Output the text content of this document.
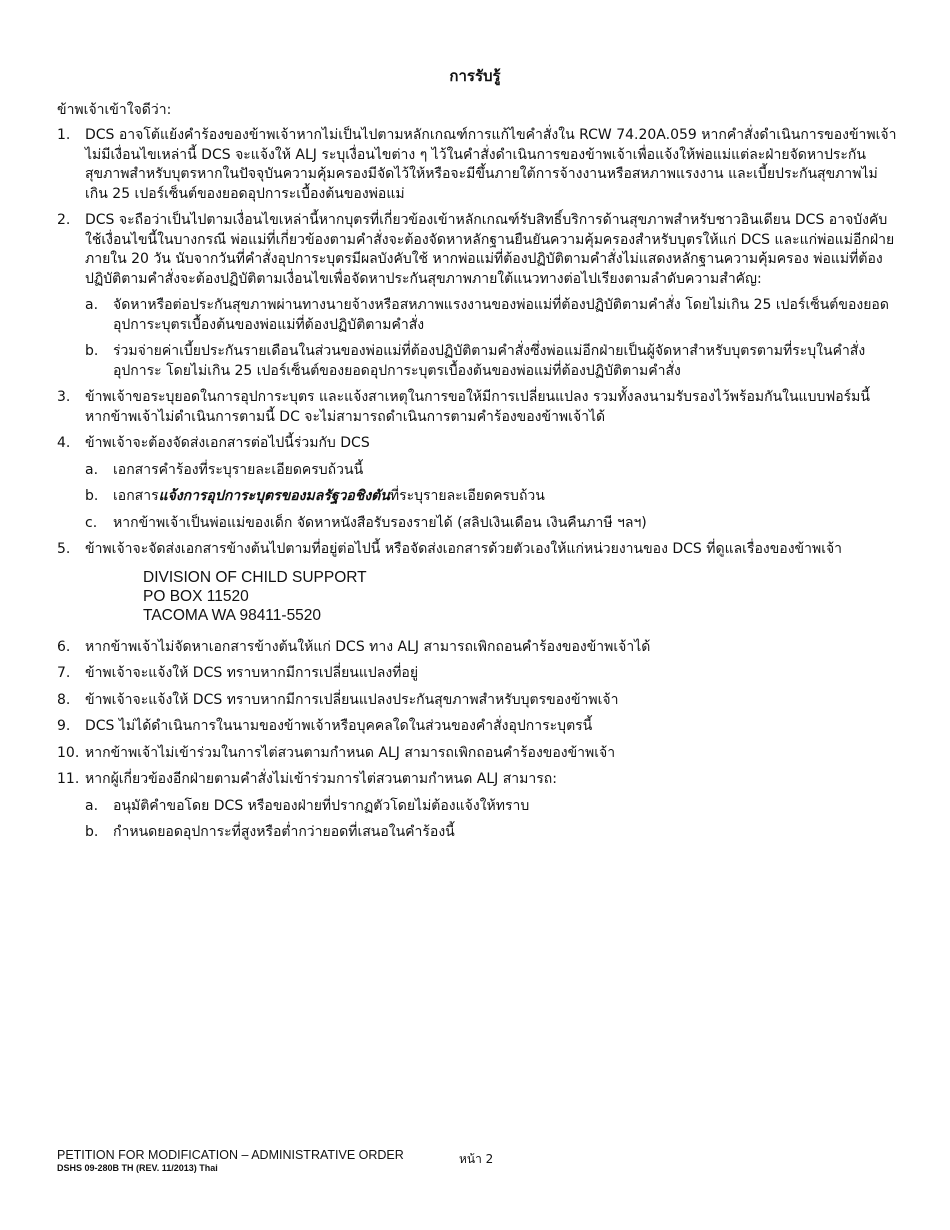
การรับรู้
ข้าพเจ้าเข้าใจดีว่า:
1.	DCS อาจโต้แย้งคำร้องของข้าพเจ้าหากไม่เป็นไปตามหลักเกณฑ์การแก้ไขคำสั่งใน RCW 74.20A.059 หากคำสั่งดำเนินการของข้าพเจ้าไม่มีเงื่อนไขเหล่านี้ DCS จะแจ้งให้ ALJ ระบุเงื่อนไขต่าง ๆ ไว้ในคำสั่งดำเนินการของข้าพเจ้าเพื่อแจ้งให้พ่อแม่แต่ละฝ่ายจัดหาประกันสุขภาพสำหรับบุตรหากในปัจจุบันความคุ้มครองมีจัดไว้ให้หรือจะมีขึ้นภายใต้การจ้างงานหรือสหภาพแรงงาน และเบี้ยประกันสุขภาพไม่เกิน 25 เปอร์เซ็นต์ของยอดอุปการะเบื้องต้นของพ่อแม่
2.	DCS จะถือว่าเป็นไปตามเงื่อนไขเหล่านี้หากบุตรที่เกี่ยวข้องเข้าหลักเกณฑ์รับสิทธิ์บริการด้านสุขภาพสำหรับชาวอินเดียน DCS อาจบังคับใช้เงื่อนไขนี้ในบางกรณี พ่อแม่ที่เกี่ยวข้องตามคำสั่งจะต้องจัดหาหลักฐานยืนยันความคุ้มครองสำหรับบุตรให้แก่ DCS และแก่พ่อแม่อีกฝ่ายภายใน 20 วัน นับจากวันที่คำสั่งอุปการะบุตรมีผลบังคับใช้ หากพ่อแม่ที่ต้องปฏิบัติตามคำสั่งไม่แสดงหลักฐานความคุ้มครอง พ่อแม่ที่ต้องปฏิบัติตามคำสั่งจะต้องปฏิบัติตามเงื่อนไขเพื่อจัดหาประกันสุขภาพภายใต้แนวทางต่อไปเรียงตามลำดับความสำคัญ:

a.	จัดหาหรือต่อประกันสุขภาพผ่านทางนายจ้างหรือสหภาพแรงงานของพ่อแม่ที่ต้องปฏิบัติตามคำสั่ง โดยไม่เกิน 25 เปอร์เซ็นต์ของยอดอุปการะบุตรเบื้องต้นของพ่อแม่ที่ต้องปฏิบัติตามคำสั่ง
b.	ร่วมจ่ายค่าเบี้ยประกันรายเดือนในส่วนของพ่อแม่ที่ต้องปฏิบัติตามคำสั่งซึ่งพ่อแม่อีกฝ่ายเป็นผู้จัดหาสำหรับบุตรตามที่ระบุในคำสั่งอุปการะ โดยไม่เกิน 25 เปอร์เซ็นต์ของยอดอุปการะบุตรเบื้องต้นของพ่อแม่ที่ต้องปฏิบัติตามคำสั่ง
3.	ข้าพเจ้าขอระบุยอดในการอุปการะบุตร และแจ้งสาเหตุในการขอให้มีการเปลี่ยนแปลง รวมทั้งลงนามรับรองไว้พร้อมกันในแบบฟอร์มนี้ หากข้าพเจ้าไม่ดำเนินการตามนี้ DC จะไม่สามารถดำเนินการตามคำร้องของข้าพเจ้าได้
4.	ข้าพเจ้าจะต้องจัดส่งเอกสารต่อไปนี้ร่วมกับ DCS

a.	เอกสารคำร้องที่ระบุรายละเอียดครบถ้วนนี้
b.	เอกสารแจ้งการอุปการะบุตรของมลรัฐวอชิงตันที่ระบุรายละเอียดครบถ้วน
c.	หากข้าพเจ้าเป็นพ่อแม่ของเด็ก จัดหาหนังสือรับรองรายได้ (สลิปเงินเดือน เงินคืนภาษี ฯลฯ)
5.	ข้าพเจ้าจะจัดส่งเอกสารข้างต้นไปตามที่อยู่ต่อไปนี้ หรือจัดส่งเอกสารด้วยตัวเองให้แก่หน่วยงานของ DCS ที่ดูแลเรื่องของข้าพเจ้า

DIVISION OF CHILD SUPPORT
PO BOX 11520
TACOMA WA 98411-5520
6.	หากข้าพเจ้าไม่จัดหาเอกสารข้างต้นให้แก่ DCS ทาง ALJ สามารถเพิกถอนคำร้องของข้าพเจ้าได้
7.	ข้าพเจ้าจะแจ้งให้ DCS ทราบหากมีการเปลี่ยนแปลงที่อยู่
8.	ข้าพเจ้าจะแจ้งให้ DCS ทราบหากมีการเปลี่ยนแปลงประกันสุขภาพสำหรับบุตรของข้าพเจ้า
9.	DCS ไม่ได้ดำเนินการในนามของข้าพเจ้าหรือบุคคลใดในส่วนของคำสั่งอุปการะบุตรนี้
10. หากข้าพเจ้าไม่เข้าร่วมในการไต่สวนตามกำหนด ALJ สามารถเพิกถอนคำร้องของข้าพเจ้า
11. หากผู้เกี่ยวข้องอีกฝ่ายตามคำสั่งไม่เข้าร่วมการไต่สวนตามกำหนด ALJ สามารถ:

a.	อนุมัติคำขอโดย DCS หรือของฝ่ายที่ปรากฏตัวโดยไม่ต้องแจ้งให้ทราบ
b.	กำหนดยอดอุปการะที่สูงหรือต่ำกว่ายอดที่เสนอในคำร้องนี้
PETITION FOR MODIFICATION – ADMINISTRATIVE ORDER
DSHS 09-280B TH (REV. 11/2013) Thai
หน้า 2
